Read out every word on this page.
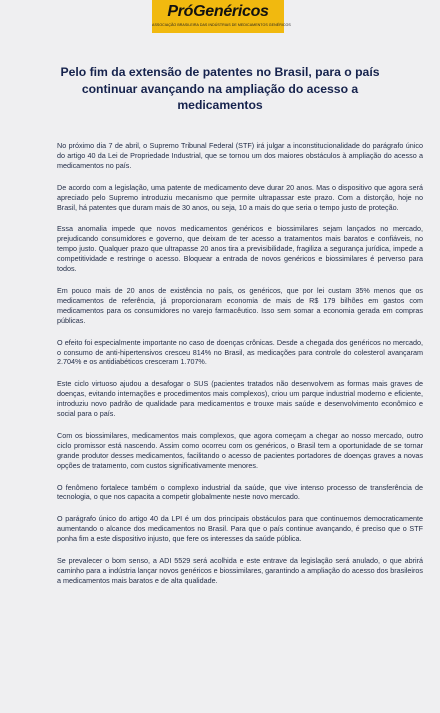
PróGenéricos
ASSOCIAÇÃO BRASILEIRA DAS INDÚSTRIAS DE MEDICAMENTOS GENÉRICOS
Pelo fim da extensão de patentes no Brasil, para o país continuar avançando na ampliação do acesso a medicamentos

No próximo dia 7 de abril, o Supremo Tribunal Federal (STF) irá julgar a inconstitucionalidade do parágrafo único do artigo 40 da Lei de Propriedade Industrial, que se tornou um dos maiores obstáculos à ampliação do acesso a medicamentos no país.

De acordo com a legislação, uma patente de medicamento deve durar 20 anos. Mas o dispositivo que agora será apreciado pelo Supremo introduziu mecanismo que permite ultrapassar este prazo. Com a distorção, hoje no Brasil, há patentes que duram mais de 30 anos, ou seja, 10 a mais do que seria o tempo justo de proteção.

Essa anomalia impede que novos medicamentos genéricos e biossimilares sejam lançados no mercado, prejudicando consumidores e governo, que deixam de ter acesso a tratamentos mais baratos e confiáveis, no tempo justo. Qualquer prazo que ultrapasse 20 anos tira a previsibilidade, fragiliza a segurança jurídica, impede a competitividade e restringe o acesso. Bloquear a entrada de novos genéricos e biossimilares é perverso para todos.

Em pouco mais de 20 anos de existência no país, os genéricos, que por lei custam 35% menos que os medicamentos de referência, já proporcionaram economia de mais de R$ 179 bilhões em gastos com medicamentos para os consumidores no varejo farmacêutico. Isso sem somar a economia gerada em compras públicas.

O efeito foi especialmente importante no caso de doenças crônicas. Desde a chegada dos genéricos no mercado, o consumo de anti-hipertensivos cresceu 814% no Brasil, as medicações para controle do colesterol avançaram 2.704% e os antidiabéticos cresceram 1.707%.

Este ciclo virtuoso ajudou a desafogar o SUS (pacientes tratados não desenvolvem as formas mais graves de doenças, evitando internações e procedimentos mais complexos), criou um parque industrial moderno e eficiente, introduziu novo padrão de qualidade para medicamentos e trouxe mais saúde e desenvolvimento econômico e social para o país.

Com os biossimilares, medicamentos mais complexos, que agora começam a chegar ao nosso mercado, outro ciclo promissor está nascendo. Assim como ocorreu com os genéricos, o Brasil tem a oportunidade de se tornar grande produtor desses medicamentos, facilitando o acesso de pacientes portadores de doenças graves a novas opções de tratamento, com custos significativamente menores.

O fenômeno fortalece também o complexo industrial da saúde, que vive intenso processo de transferência de tecnologia, o que nos capacita a competir globalmente neste novo mercado.

O parágrafo único do artigo 40 da LPI é um dos principais obstáculos para que continuemos democraticamente aumentando o alcance dos medicamentos no Brasil. Para que o país continue avançando, é preciso que o STF ponha fim a este dispositivo injusto, que fere os interesses da saúde pública.

Se prevalecer o bom senso, a ADI 5529 será acolhida e este entrave da legislação será anulado, o que abrirá caminho para a indústria lançar novos genéricos e biossimilares, garantindo a ampliação do acesso dos brasileiros a medicamentos mais baratos e de alta qualidade.
